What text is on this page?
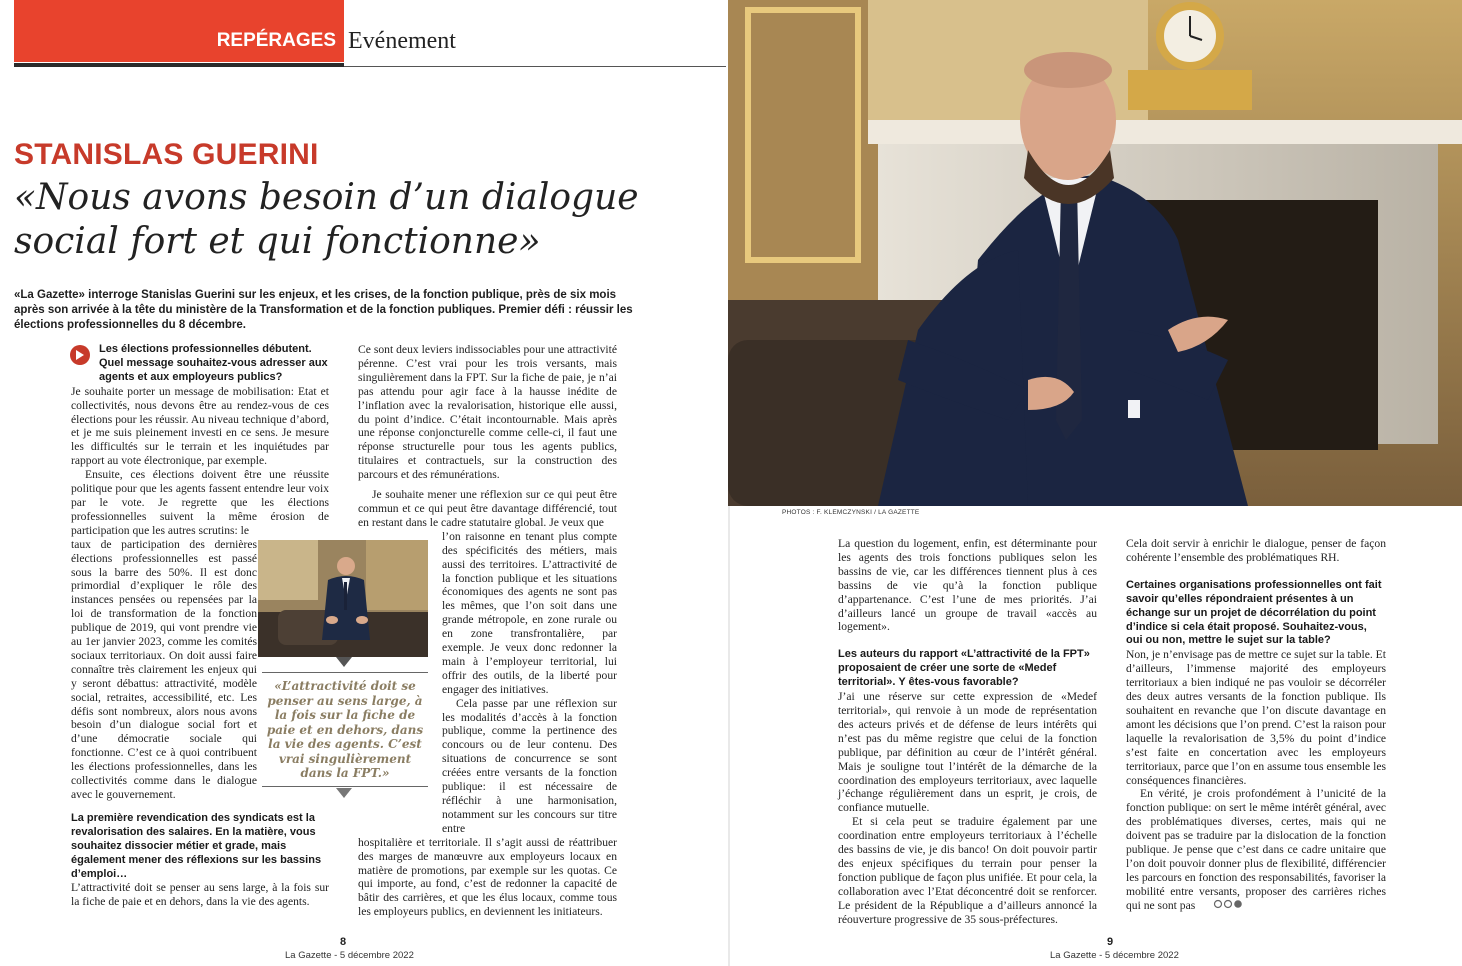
REPÉRAGES Evénement
STANISLAS GUERINI
«Nous avons besoin d’un dialogue
social fort et qui fonctionne»
«La Gazette» interroge Stanislas Guerini sur les enjeux, et les crises, de la fonction publique, près de six mois après son arrivée à la tête du ministère de la Transformation et de la fonction publiques. Premier défi : réussir les élections professionnelles du 8 décembre.
Les élections professionnelles débutent. Quel message souhaitez-vous adresser aux agents et aux employeurs publics?

Je souhaite porter un message de mobilisation: Etat et collectivités, nous devons être au rendez-vous de ces élections pour les réussir. Au niveau technique d’abord, et je me suis pleinement investi en ce sens. Je mesure les difficultés sur le terrain et les inquiétudes par rapport au vote électronique, par exemple.

Ensuite, ces élections doivent être une réussite politique pour que les agents fassent entendre leur voix par le vote. Je regrette que les élections professionnelles suivent la même érosion de participation que les autres scrutins: le

taux de participation des dernières élections professionnelles est passé sous la barre des 50%. Il est donc primordial d’expliquer le rôle des instances pensées ou repensées par la loi de transformation de la fonction publique de 2019, qui vont prendre vie au 1er janvier 2023, comme les comités sociaux territoriaux. On doit aussi faire connaître très clairement les enjeux qui y seront débattus: attractivité, modèle social, retraites, accessibilité, etc. Les défis sont nombreux, alors nous avons besoin d’un dialogue social fort et d’une démocratie sociale qui fonctionne. C’est ce à quoi contribuent les élections professionnelles, dans les collectivités comme dans le dialogue avec le gouvernement.

La première revendication des syndicats est la revalorisation des salaires. En la matière, vous souhaitez dissocier métier et grade, mais également mener des réflexions sur les bassins d’emploi…

L’attractivité doit se penser au sens large, à la fois sur la fiche de paie et en dehors, dans la vie des agents.

«L’attractivité doit se penser au sens large, à la fois sur la fiche de paie et en dehors, dans la vie des agents. C’est vrai singulièrement dans la FPT.»

Ce sont deux leviers indissociables pour une attractivité pérenne. C’est vrai pour les trois versants, mais singulièrement dans la FPT. Sur la fiche de paie, je n’ai pas attendu pour agir face à la hausse inédite de l’inflation avec la revalorisation, historique elle aussi, du point d’indice. C’était incontournable. Mais après une réponse conjoncturelle comme celle-ci, il faut une réponse structurelle pour tous les agents publics, titulaires et contractuels, sur la construction des parcours et des rémunérations.

Je souhaite mener une réflexion sur ce qui peut être commun et ce qui peut être davantage différencié, tout en restant dans le cadre statutaire global. Je veux que

l’on raisonne en tenant plus compte des spécificités des métiers, mais aussi des territoires. L’attractivité de la fonction publique et les situations économiques des agents ne sont pas les mêmes, que l’on soit dans une grande métropole, en zone rurale ou en zone transfrontalière, par exemple. Je veux donc redonner la main à l’employeur territorial, lui offrir des outils, de la liberté pour engager des initiatives.

Cela passe par une réflexion sur les modalités d’accès à la fonction publique, comme la pertinence des concours ou de leur contenu. Des situations de concurrence se sont créées entre versants de la fonction publique: il est nécessaire de réfléchir à une harmonisation, notamment sur les concours sur titre entre

hospitalière et territoriale. Il s’agit aussi de réattribuer des marges de manœuvre aux employeurs locaux en matière de promotions, par exemple sur les quotas. Ce qui importe, au fond, c’est de redonner la capacité de bâtir des carrières, et que les élus locaux, comme tous les employeurs publics, en deviennent les initiateurs.

PHOTOS : F. KLEMCZYNSKI / LA GAZETTE

La question du logement, enfin, est déterminante pour les agents des trois fonctions publiques selon les bassins de vie, car les différences tiennent plus à ces bassins de vie qu’à la fonction publique d’appartenance. C’est l’une de mes priorités. J’ai d’ailleurs lancé un groupe de travail «accès au logement».

Les auteurs du rapport «L’attractivité de la FPT» proposaient de créer une sorte de «Medef territorial». Y êtes-vous favorable?

J’ai une réserve sur cette expression de «Medef territorial», qui renvoie à un mode de représentation des acteurs privés et de défense de leurs intérêts qui n’est pas du même registre que celui de la fonction publique, par définition au cœur de l’intérêt général. Mais je souligne tout l’intérêt de la démarche de la coordination des employeurs territoriaux, avec laquelle j’échange régulièrement dans un esprit, je crois, de confiance mutuelle.

Et si cela peut se traduire également par une coordination entre employeurs territoriaux à l’échelle des bassins de vie, je dis banco! On doit pouvoir partir des enjeux spécifiques du terrain pour penser la fonction publique de façon plus unifiée. Et pour cela, la collaboration avec l’Etat déconcentré doit se renforcer. Le président de la République a d’ailleurs annoncé la réouverture progressive de 35 sous-préfectures.

Cela doit servir à enrichir le dialogue, penser de façon cohérente l’ensemble des problématiques RH.

Certaines organisations professionnelles ont fait savoir qu’elles répondraient présentes à un échange sur un projet de décorrélation du point d’indice si cela était proposé. Souhaitez-vous, oui ou non, mettre le sujet sur la table?

Non, je n’envisage pas de mettre ce sujet sur la table. Et d’ailleurs, l’immense majorité des employeurs territoriaux a bien indiqué ne pas vouloir se décorréler des deux autres versants de la fonction publique. Ils souhaitent en revanche que l’on discute davantage en amont les décisions que l’on prend. C’est la raison pour laquelle la revalorisation de 3,5% du point d’indice s’est faite en concertation avec les employeurs territoriaux, parce que l’on en assume tous ensemble les conséquences financières.

En vérité, je crois profondément à l’unicité de la fonction publique: on sert le même intérêt général, avec des problématiques diverses, certes, mais qui ne doivent pas se traduire par la dislocation de la fonction publique. Je pense que c’est dans ce cadre unitaire que l’on doit pouvoir donner plus de flexibilité, différencier les parcours en fonction des responsabilités, favoriser la mobilité entre versants, proposer des carrières riches qui ne sont pas

8
La Gazette - 5 décembre 2022
9
La Gazette - 5 décembre 2022
